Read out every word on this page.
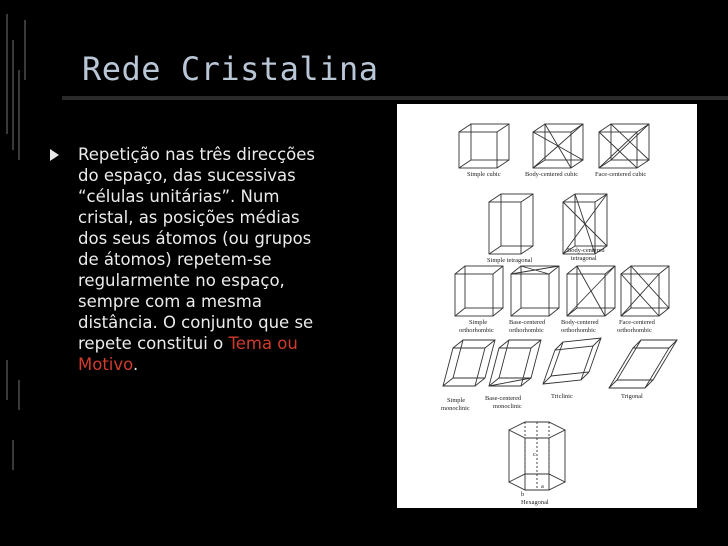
Rede Cristalina
Repetição nas três direcções do espaço, das sucessivas “células unitárias”. Num cristal, as posições médias dos seus átomos (ou grupos de átomos) repetem-se regularmente no espaço, sempre com a mesma distância. O conjunto que se repete constitui o Tema ou Motivo.
Simple cubic	Body-centered cubic	Face-centered cubic
Simple tetragonal
Body-centered
tetragonal
Simple
orthorhombic
Base-centered
orthorhombic
Body-centered
orthorhombic
Face-centered
orthorhombic
Simple
monoclinic
Base-centered
monoclinic
Triclinic	Trigonal
c
a
b
Hexagonal
